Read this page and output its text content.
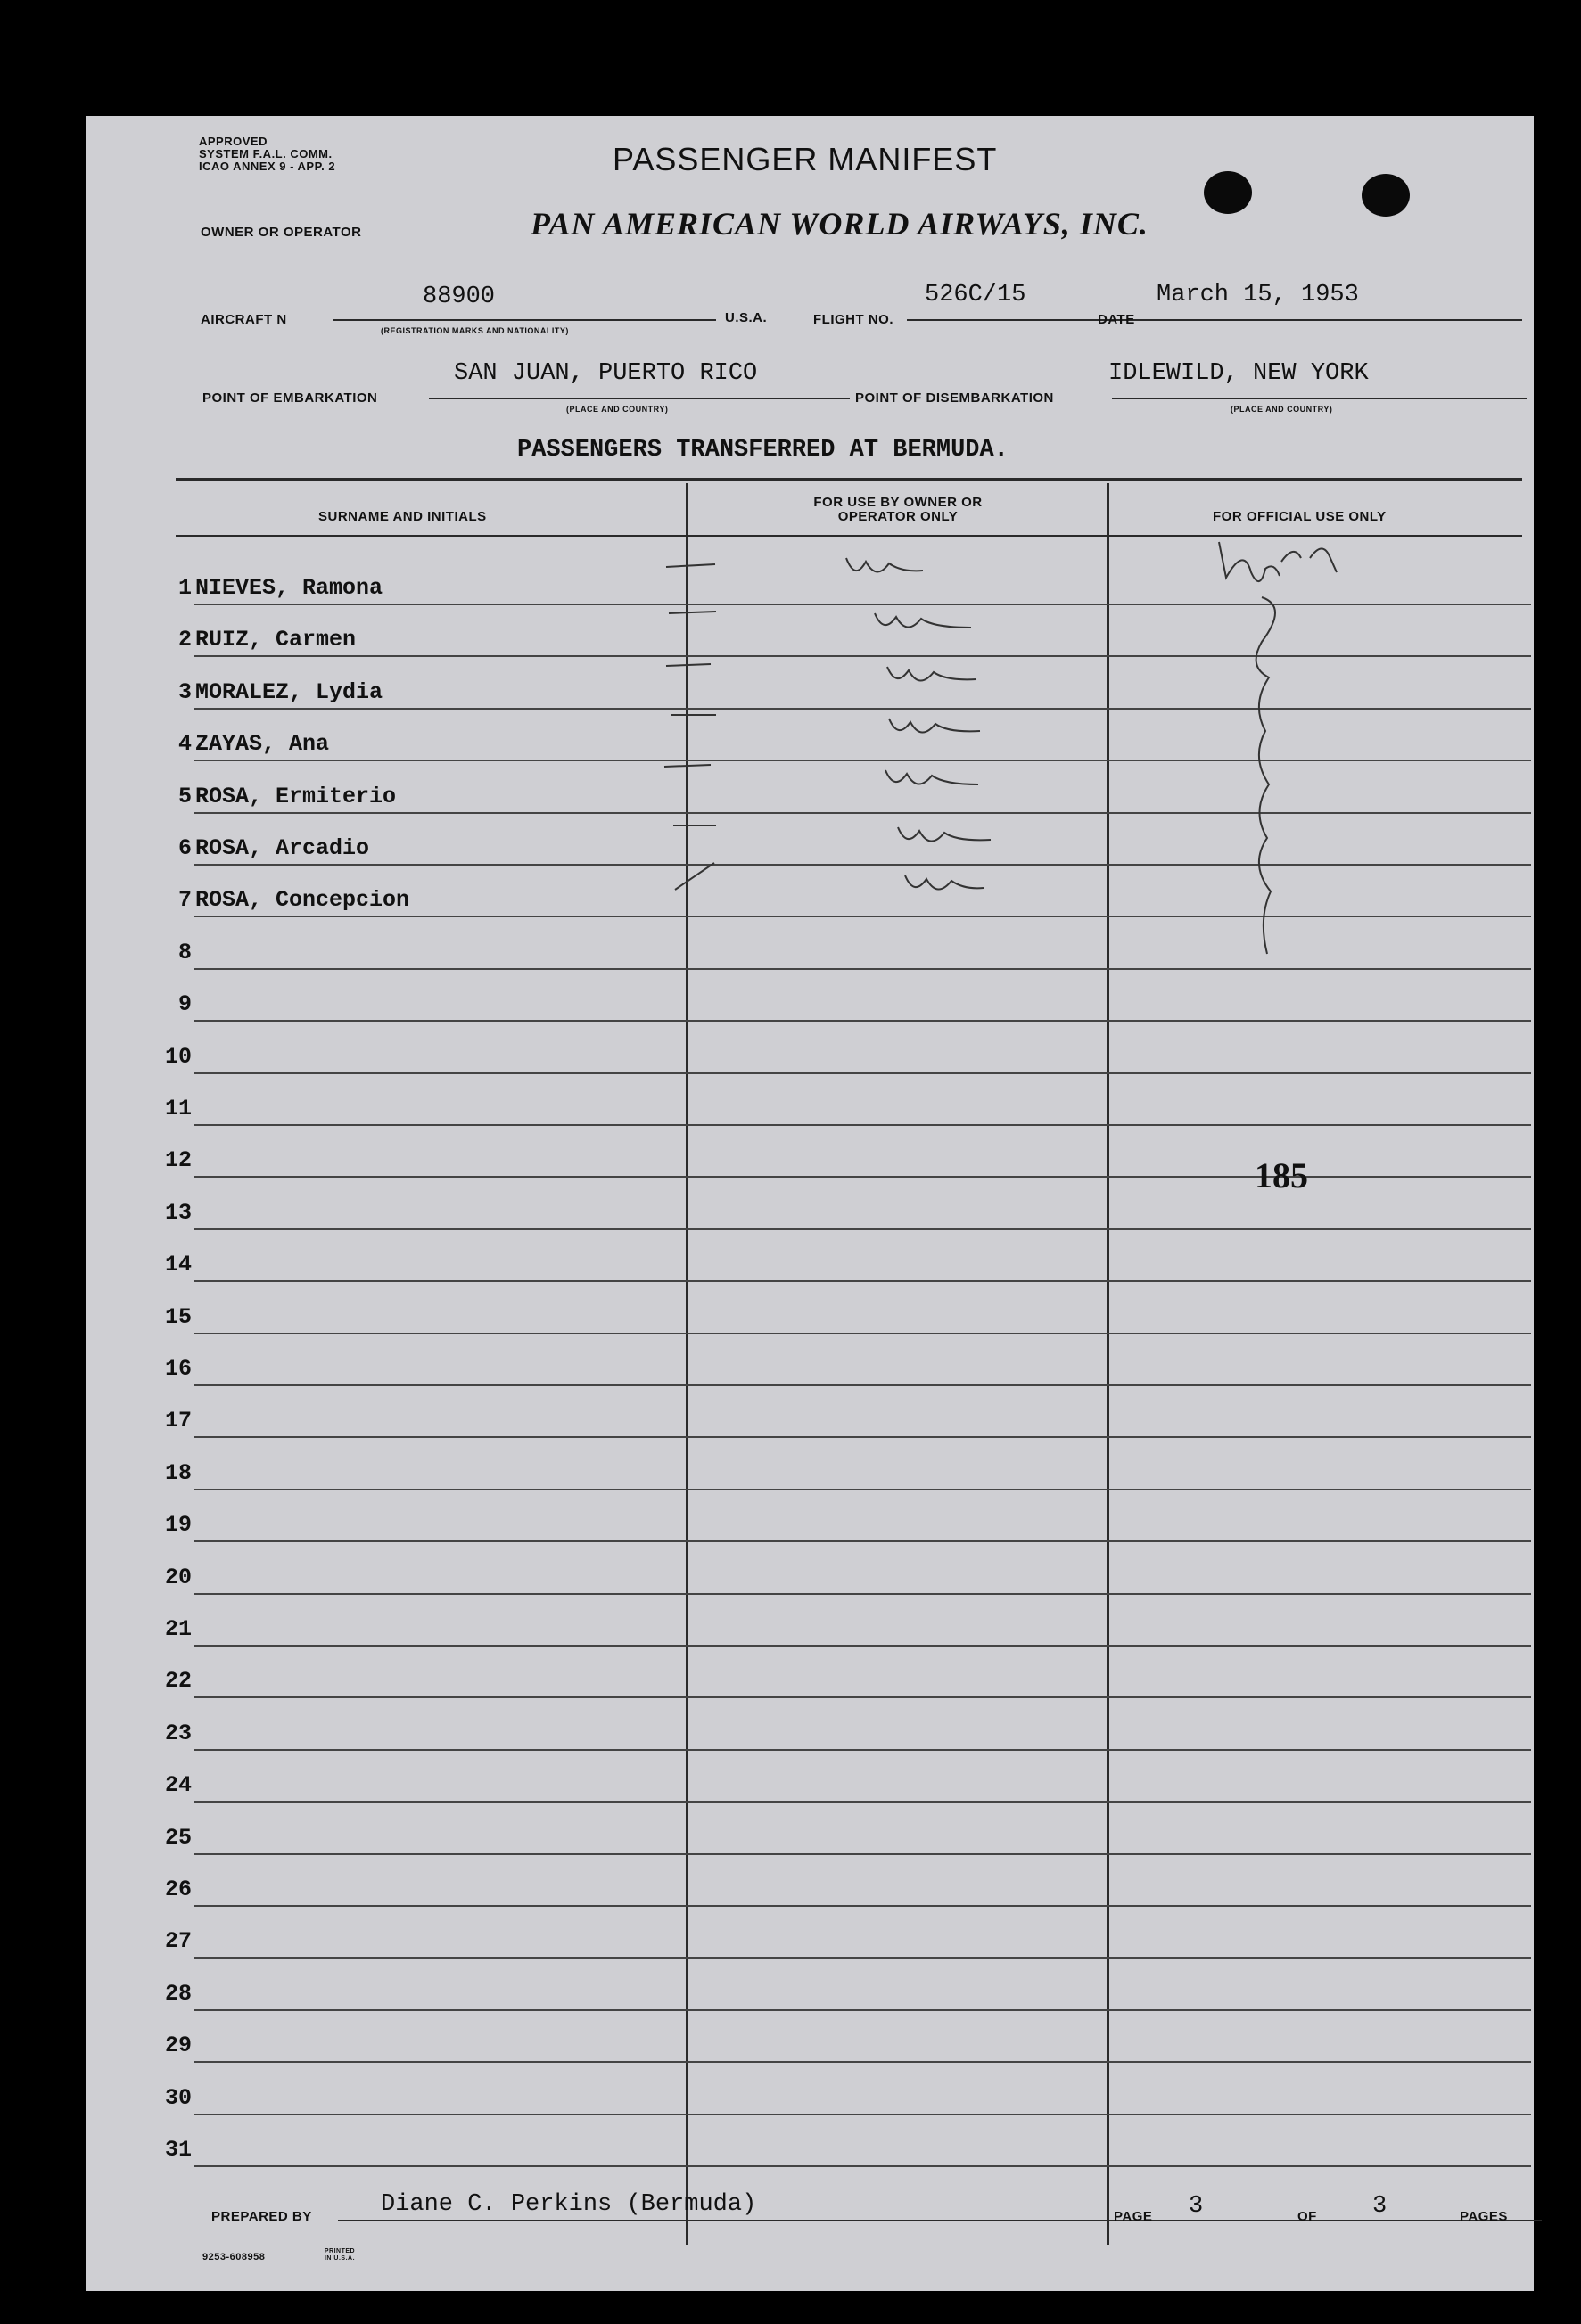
APPROVED
SYSTEM F.A.L. COMM.
ICAO ANNEX 9 - APP. 2	PASSENGER MANIFEST
OWNER OR OPERATOR	PAN AMERICAN WORLD AIRWAYS, INC.
AIRCRAFT N
88900
(REGISTRATION MARKS AND NATIONALITY)
U.S.A.	FLIGHT NO.
526C/15
DATE
March 15, 1953
POINT OF EMBARKATION
SAN JUAN, PUERTO RICO
(PLACE AND COUNTRY)
POINT OF DISEMBARKATION
IDLEWILD, NEW YORK
(PLACE AND COUNTRY)
PASSENGERS TRANSFERRED AT BERMUDA.
SURNAME AND INITIALS
FOR USE BY OWNER OR OPERATOR ONLY	FOR OFFICIAL USE ONLY
1 NIEVES, Ramona
2 RUIZ, Carmen
3 MORALEZ, Lydia
4 ZAYAS, Ana
5 ROSA, Ermiterio
6 ROSA, Arcadio
7 ROSA, Concepcion
8
9
10
11
12
13
14
15
16
17
18
19
20
21
22
23
24
25
26
27
28
29
30
31
185
PREPARED BY	Diane C. Perkins (Bermuda)	PAGE 3	OF 3	PAGES
9253-608958
PRINTED IN U.S.A.
